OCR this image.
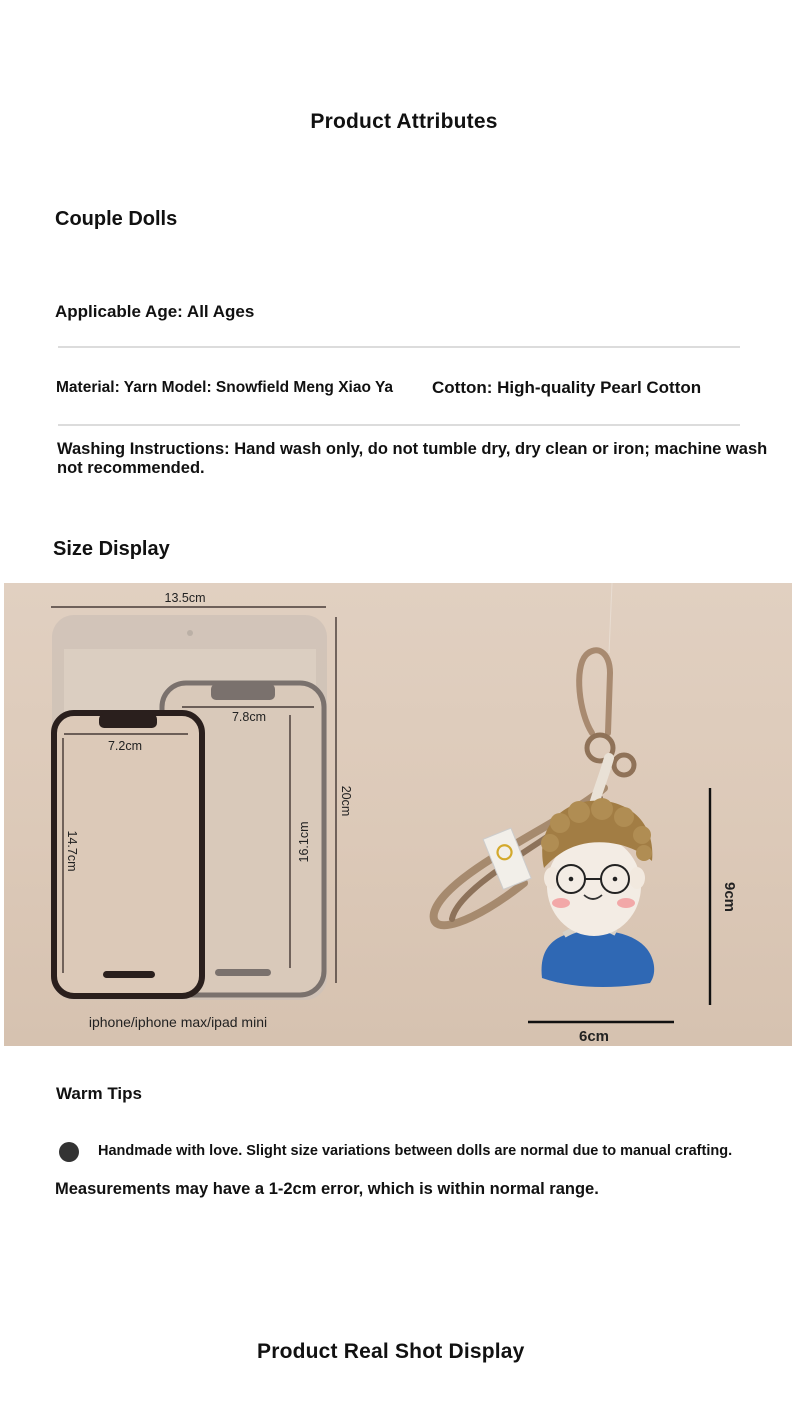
Product Attributes
Couple Dolls
Applicable Age: All Ages
Material: Yarn Model: Snowfield Meng Xiao Ya Cotton: High-quality Pearl Cotton
Washing Instructions: Hand wash only, do not tumble dry, dry clean or iron; machine wash not recommended.
Size Display
13.5cm
20cm
7.8cm
16.1cm
7.2cm
14.7cm
iphone/iphone max/ipad mini
9cm
6cm
Warm Tips
Handmade with love. Slight size variations between dolls are normal due to manual crafting.
Measurements may have a 1-2cm error, which is within normal range.
Product Real Shot Display
